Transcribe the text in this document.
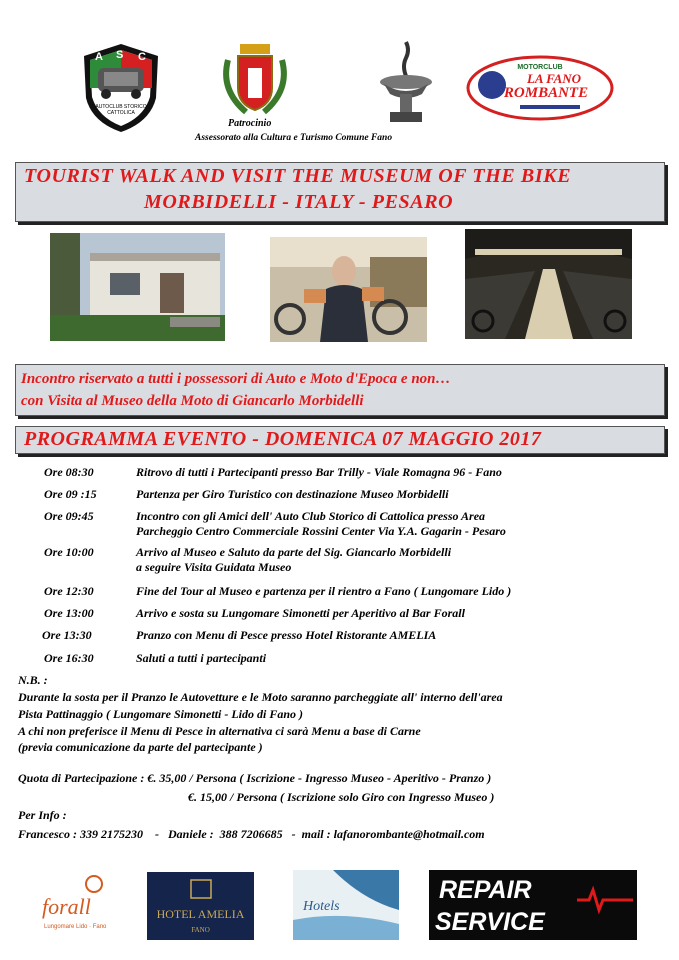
A S C
AUTOCLUB STORICO
CATTOLICA
MOTORCLUB
LA FANO
ROMBANTE
Patrocinio
Assessorato alla Cultura e Turismo Comune Fano
TOURIST WALK AND VISIT THE MUSEUM OF THE BIKE
MORBIDELLI - ITALY - PESARO
Incontro riservato a tutti i possessori di Auto e Moto d'Epoca e non…
con Visita al Museo della Moto di Giancarlo Morbidelli
PROGRAMMA EVENTO - DOMENICA 07 MAGGIO 2017
Ore 08:30	Ritrovo di tutti i Partecipanti presso Bar Trilly - Viale Romagna 96 - Fano
Ore 09 :15	Partenza per Giro Turistico con destinazione Museo Morbidelli
Ore 09:45	Incontro con gli Amici dell' Auto Club Storico di Cattolica presso Area
Parcheggio Centro Commerciale Rossini Center Via Y.A. Gagarin - Pesaro
Ore 10:00	Arrivo al Museo e Saluto da parte del Sig. Giancarlo Morbidelli
a seguire Visita Guidata Museo
Ore 12:30	Fine del Tour al Museo e partenza per il rientro a Fano ( Lungomare Lido )
Ore 13:00	Arrivo e sosta su Lungomare Simonetti per Aperitivo al Bar Forall
Ore 13:30	Pranzo con Menu di Pesce presso Hotel Ristorante AMELIA
Ore 16:30	Saluti a tutti i partecipanti
N.B. :
Durante la sosta per il Pranzo le Autovetture e le Moto saranno parcheggiate all' interno dell'area
Pista Pattinaggio ( Lungomare Simonetti - Lido di Fano )
A chi non preferisce il Menu di Pesce in alternativa ci sarà Menu a base di Carne
(previa comunicazione da parte del partecipante )
Quota di Partecipazione : €. 35,00 / Persona ( Iscrizione - Ingresso Museo - Aperitivo - Pranzo )
€. 15,00 / Persona ( Iscrizione solo Giro con Ingresso Museo )
Per Info :
Francesco : 339 2175230    -   Daniele :  388 7206685   -  mail : lafanorombante@hotmail.com
forall
Lungomare Lido · Fano
HOTEL AMELIA
FANO
Hotels
REPAIR
SERVICE
